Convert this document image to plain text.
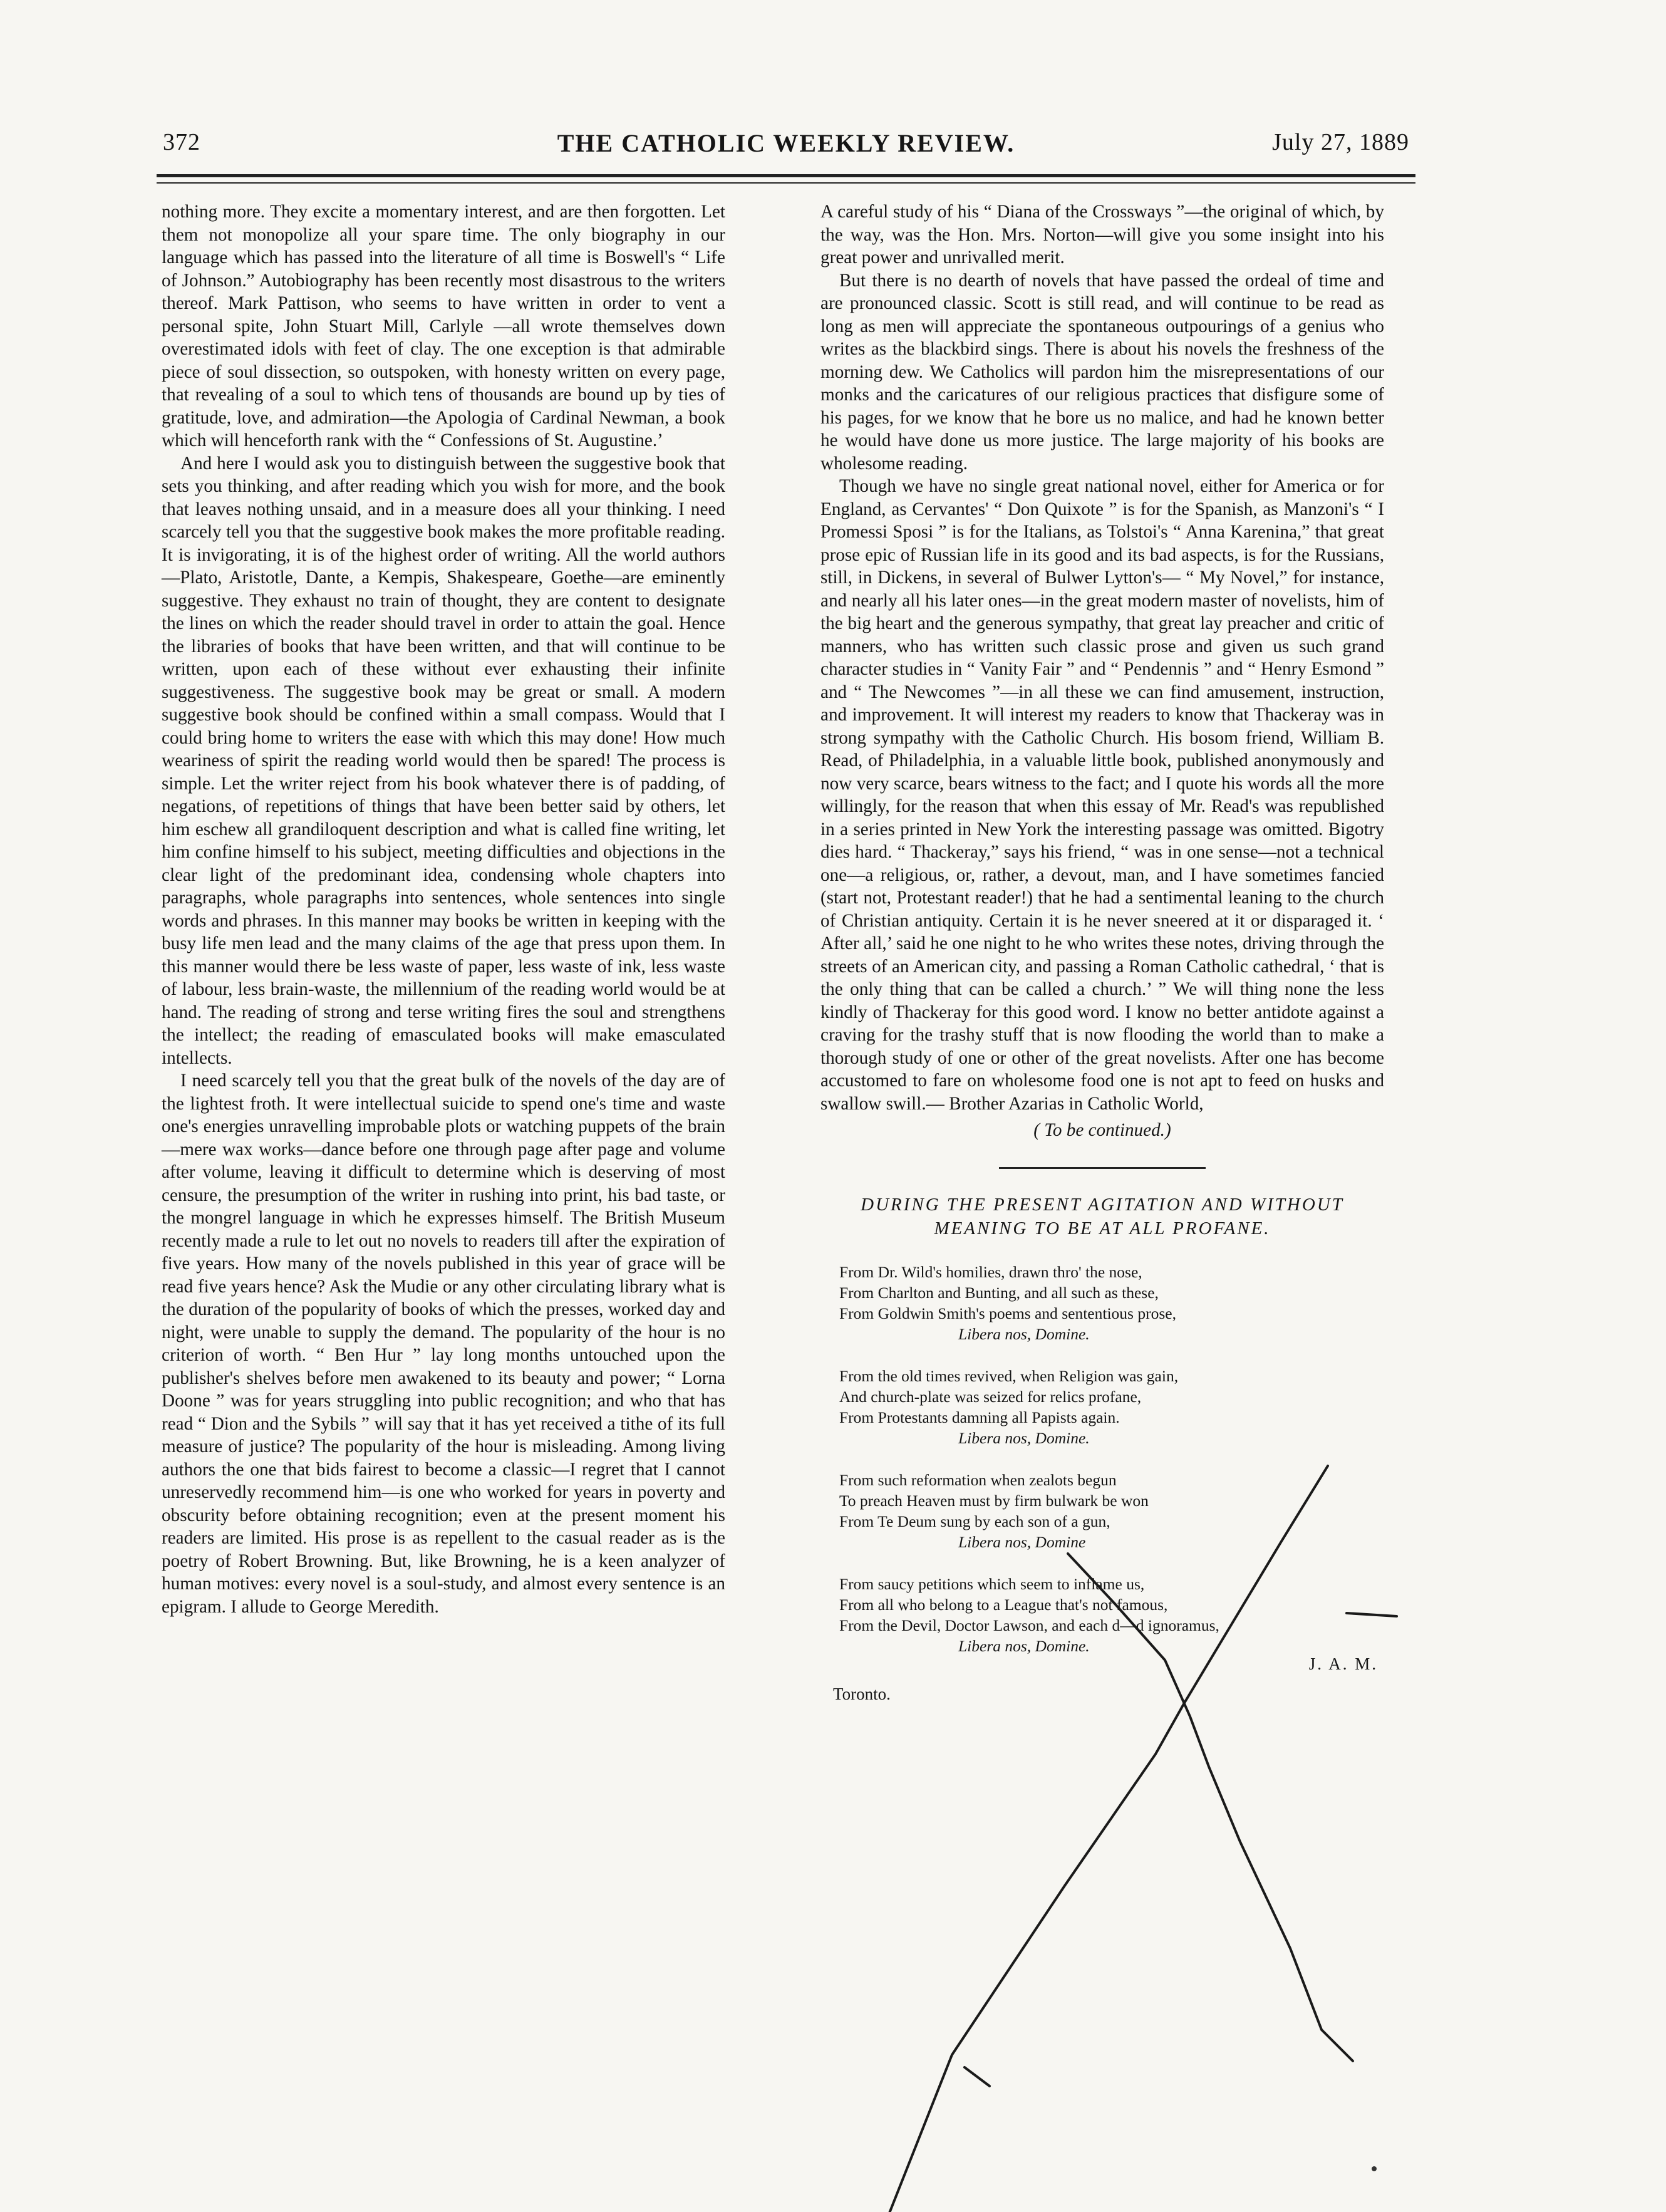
372	THE CATHOLIC WEEKLY REVIEW.	July 27, 1889

nothing more. They excite a momentary interest, and are then forgotten. Let them not monopolize all your spare time. The only biography in our language which has passed into the literature of all time is Boswell's “ Life of Johnson.” Autobiography has been recently most disastrous to the writers thereof. Mark Pattison, who seems to have written in order to vent a personal spite, John Stuart Mill, Carlyle —all wrote themselves down overestimated idols with feet of clay. The one exception is that admirable piece of soul dissection, so outspoken, with honesty written on every page, that revealing of a soul to which tens of thousands are bound up by ties of gratitude, love, and admiration—the Apologia of Cardinal Newman, a book which will henceforth rank with the “ Confessions of St. Augustine.’

And here I would ask you to distinguish between the suggestive book that sets you thinking, and after reading which you wish for more, and the book that leaves nothing unsaid, and in a measure does all your thinking. I need scarcely tell you that the suggestive book makes the more profitable reading. It is invigorating, it is of the highest order of writing. All the world authors—Plato, Aristotle, Dante, a Kempis, Shakespeare, Goethe—are eminently suggestive. They exhaust no train of thought, they are content to designate the lines on which the reader should travel in order to attain the goal. Hence the libraries of books that have been written, and that will continue to be written, upon each of these without ever exhausting their infinite suggestiveness. The suggestive book may be great or small. A modern suggestive book should be confined within a small compass. Would that I could bring home to writers the ease with which this may done! How much weariness of spirit the reading world would then be spared! The process is simple. Let the writer reject from his book whatever there is of padding, of negations, of repetitions of things that have been better said by others, let him eschew all grandiloquent description and what is called fine writing, let him confine himself to his subject, meeting difficulties and objections in the clear light of the predominant idea, condensing whole chapters into paragraphs, whole paragraphs into sentences, whole sentences into single words and phrases. In this manner may books be written in keeping with the busy life men lead and the many claims of the age that press upon them. In this manner would there be less waste of paper, less waste of ink, less waste of labour, less brain-waste, the millennium of the reading world would be at hand. The reading of strong and terse writing fires the soul and strengthens the intellect; the reading of emasculated books will make emasculated intellects.

I need scarcely tell you that the great bulk of the novels of the day are of the lightest froth. It were intellectual suicide to spend one's time and waste one's energies unravelling improbable plots or watching puppets of the brain—mere wax works—dance before one through page after page and volume after volume, leaving it difficult to determine which is deserving of most censure, the presumption of the writer in rushing into print, his bad taste, or the mongrel language in which he expresses himself. The British Museum recently made a rule to let out no novels to readers till after the expiration of five years. How many of the novels published in this year of grace will be read five years hence? Ask the Mudie or any other circulating library what is the duration of the popularity of books of which the presses, worked day and night, were unable to supply the demand. The popularity of the hour is no criterion of worth. “ Ben Hur ” lay long months untouched upon the publisher's shelves before men awakened to its beauty and power; “ Lorna Doone ” was for years struggling into public recognition; and who that has read “ Dion and the Sybils ” will say that it has yet received a tithe of its full measure of justice? The popularity of the hour is misleading. Among living authors the one that bids fairest to become a classic—I regret that I cannot unreservedly recommend him—is one who worked for years in poverty and obscurity before obtaining recognition; even at the present moment his readers are limited. His prose is as repellent to the casual reader as is the poetry of Robert Browning. But, like Browning, he is a keen analyzer of human motives: every novel is a soul-study, and almost every sentence is an epigram. I allude to George Meredith.

A careful study of his “ Diana of the Crossways ”—the original of which, by the way, was the Hon. Mrs. Norton—will give you some insight into his great power and unrivalled merit.

But there is no dearth of novels that have passed the ordeal of time and are pronounced classic. Scott is still read, and will continue to be read as long as men will appreciate the spontaneous outpourings of a genius who writes as the blackbird sings. There is about his novels the freshness of the morning dew. We Catholics will pardon him the misrepresentations of our monks and the caricatures of our religious practices that disfigure some of his pages, for we know that he bore us no malice, and had he known better he would have done us more justice. The large majority of his books are wholesome reading.

Though we have no single great national novel, either for America or for England, as Cervantes' “ Don Quixote ” is for the Spanish, as Manzoni's “ I Promessi Sposi ” is for the Italians, as Tolstoi's “ Anna Karenina,” that great prose epic of Russian life in its good and its bad aspects, is for the Russians, still, in Dickens, in several of Bulwer Lytton's— “ My Novel,” for instance, and nearly all his later ones—in the great modern master of novelists, him of the big heart and the generous sympathy, that great lay preacher and critic of manners, who has written such classic prose and given us such grand character studies in “ Vanity Fair ” and “ Pendennis ” and “ Henry Esmond ” and “ The Newcomes ”—in all these we can find amusement, instruction, and improvement. It will interest my readers to know that Thackeray was in strong sympathy with the Catholic Church. His bosom friend, William B. Read, of Philadelphia, in a valuable little book, published anonymously and now very scarce, bears witness to the fact; and I quote his words all the more willingly, for the reason that when this essay of Mr. Read's was republished in a series printed in New York the interesting passage was omitted. Bigotry dies hard. “ Thackeray,” says his friend, “ was in one sense—not a technical one—a religious, or, rather, a devout, man, and I have sometimes fancied (start not, Protestant reader!) that he had a sentimental leaning to the church of Christian antiquity. Certain it is he never sneered at it or disparaged it. ‘ After all,’ said he one night to he who writes these notes, driving through the streets of an American city, and passing a Roman Catholic cathedral, ‘ that is the only thing that can be called a church.’ ” We will thing none the less kindly of Thackeray for this good word. I know no better antidote against a craving for the trashy stuff that is now flooding the world than to make a thorough study of one or other of the great novelists. After one has become accustomed to fare on wholesome food one is not apt to feed on husks and swallow swill.— Brother Azarias in Catholic World,

( To be continued.)

DURING THE PRESENT AGITATION AND WITHOUT

MEANING TO BE AT ALL PROFANE.

From Dr. Wild's homilies, drawn thro' the nose,
From Charlton and Bunting, and all such as these,
From Goldwin Smith's poems and sententious prose,
Libera nos, Domine.
From the old times revived, when Religion was gain,
And church-plate was seized for relics profane,
From Protestants damning all Papists again.
Libera nos, Domine.
From such reformation when zealots begun
To preach Heaven must by firm bulwark be won
From Te Deum sung by each son of a gun,
Libera nos, Domine
From saucy petitions which seem to inflame us,
From all who belong to a League that's not famous,
From the Devil, Doctor Lawson, and each d—d ignoramus,
Libera nos, Domine.
J. A. M.
Toronto.
